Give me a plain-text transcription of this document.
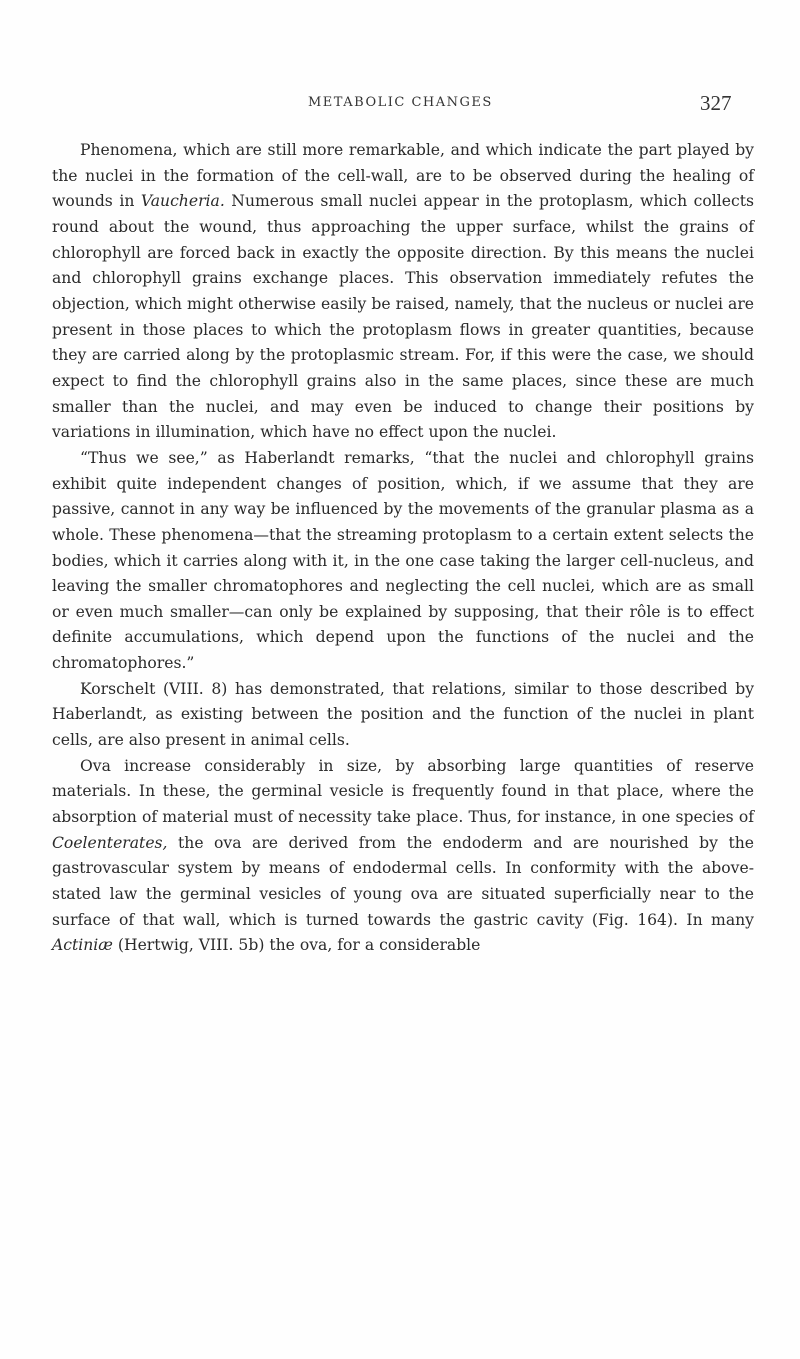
METABOLIC CHANGES	327

Phenomena, which are still more remarkable, and which indicate the part played by the nuclei in the formation of the cell-wall, are to be observed during the healing of wounds in Vaucheria. Numerous small nuclei appear in the protoplasm, which collects round about the wound, thus approaching the upper surface, whilst the grains of chlorophyll are forced back in exactly the opposite direction. By this means the nuclei and chlorophyll grains exchange places. This observation immediately refutes the objection, which might otherwise easily be raised, namely, that the nucleus or nuclei are present in those places to which the protoplasm flows in greater quantities, because they are carried along by the protoplasmic stream. For, if this were the case, we should expect to find the chlorophyll grains also in the same places, since these are much smaller than the nuclei, and may even be induced to change their positions by variations in illumination, which have no effect upon the nuclei.

“Thus we see,” as Haberlandt remarks, “that the nuclei and chlorophyll grains exhibit quite independent changes of position, which, if we assume that they are passive, cannot in any way be influenced by the movements of the granular plasma as a whole. These phenomena—that the streaming protoplasm to a certain extent selects the bodies, which it carries along with it, in the one case taking the larger cell-nucleus, and leaving the smaller chromatophores and neglecting the cell nuclei, which are as small or even much smaller—can only be explained by supposing, that their rôle is to effect definite accumulations, which depend upon the functions of the nuclei and the chromatophores.”

Korschelt (VIII. 8) has demonstrated, that relations, similar to those described by Haberlandt, as existing between the position and the function of the nuclei in plant cells, are also present in animal cells.

Ova increase considerably in size, by absorbing large quantities of reserve materials. In these, the germinal vesicle is frequently found in that place, where the absorption of material must of necessity take place. Thus, for instance, in one species of Coelenterates, the ova are derived from the endoderm and are nourished by the gastrovascular system by means of endodermal cells. In conformity with the above-stated law the germinal vesicles of young ova are situated superficially near to the surface of that wall, which is turned towards the gastric cavity (Fig. 164). In many Actiniæ (Hertwig, VIII. 5b) the ova, for a considerable
